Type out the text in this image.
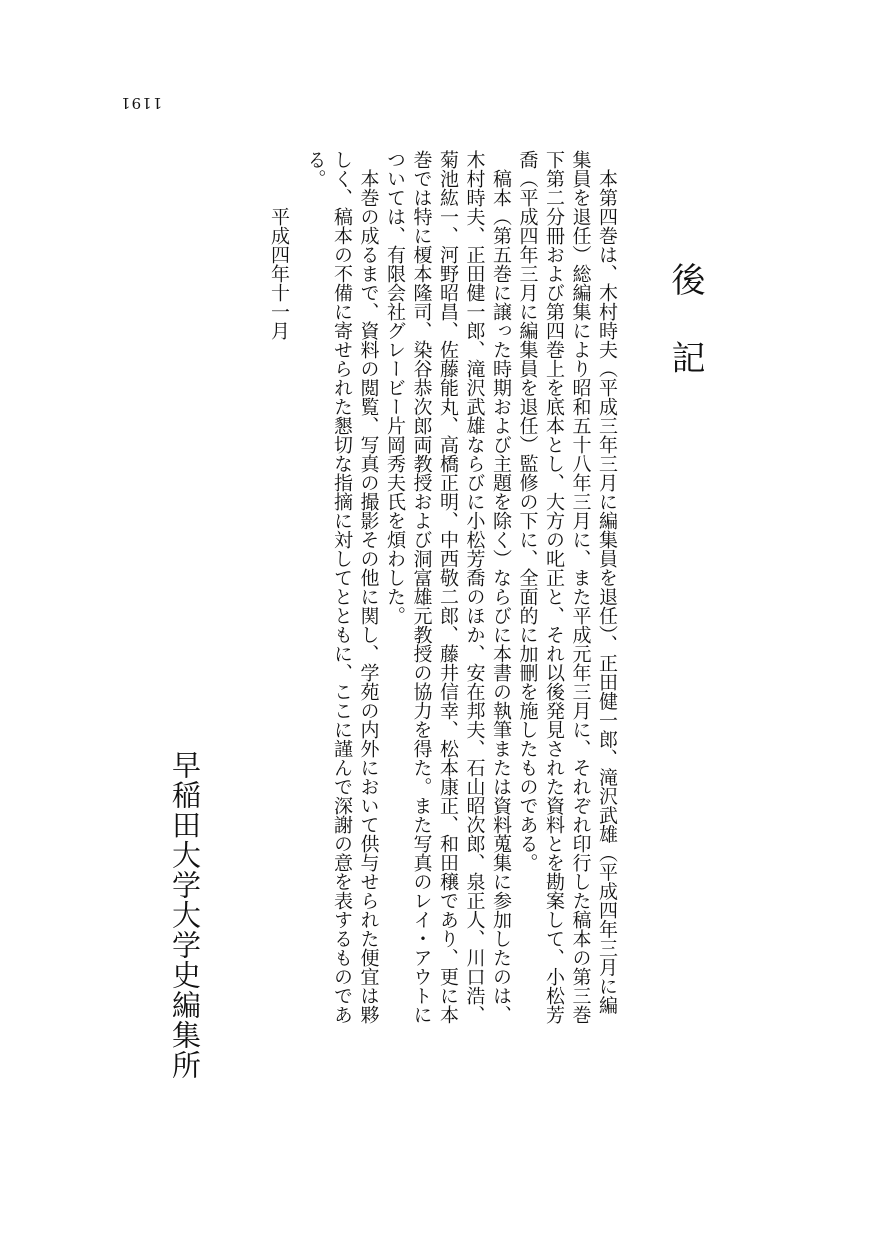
1191
後記

本第四巻は、木村時夫（平成三年三月に編集員を退任）、正田健一郎、滝沢武雄（平成四年三月に編集員を退任）総編集により昭和五十八年三月に、また平成元年三月に、それぞれ印行した稿本の第三巻下第二分冊および第四巻上を底本とし、大方の叱正と、それ以後発見された資料とを勘案して、小松芳喬（平成四年三月に編集員を退任）監修の下に、全面的に加刪を施したものである。

稿本（第五巻に譲った時期および主題を除く）ならびに本書の執筆または資料蒐集に参加したのは、木村時夫、正田健一郎、滝沢武雄ならびに小松芳喬のほか、安在邦夫、石山昭次郎、泉正人、川口浩、菊池紘一、河野昭昌、佐藤能丸、高橋正明、中西敬二郎、藤井信幸、松本康正、和田穣であり、更に本巻では特に榎本隆司、染谷恭次郎両教授および洞富雄元教授の協力を得た。また写真のレイ・アウトについては、有限会社グレービー片岡秀夫氏を煩わした。

本巻の成るまで、資料の閲覧、写真の撮影その他に関し、学苑の内外において供与せられた便宜は夥しく、稿本の不備に寄せられた懇切な指摘に対してとともに、ここに謹んで深謝の意を表するものである。

平成四年十一月

早稲田大学大学史編集所
